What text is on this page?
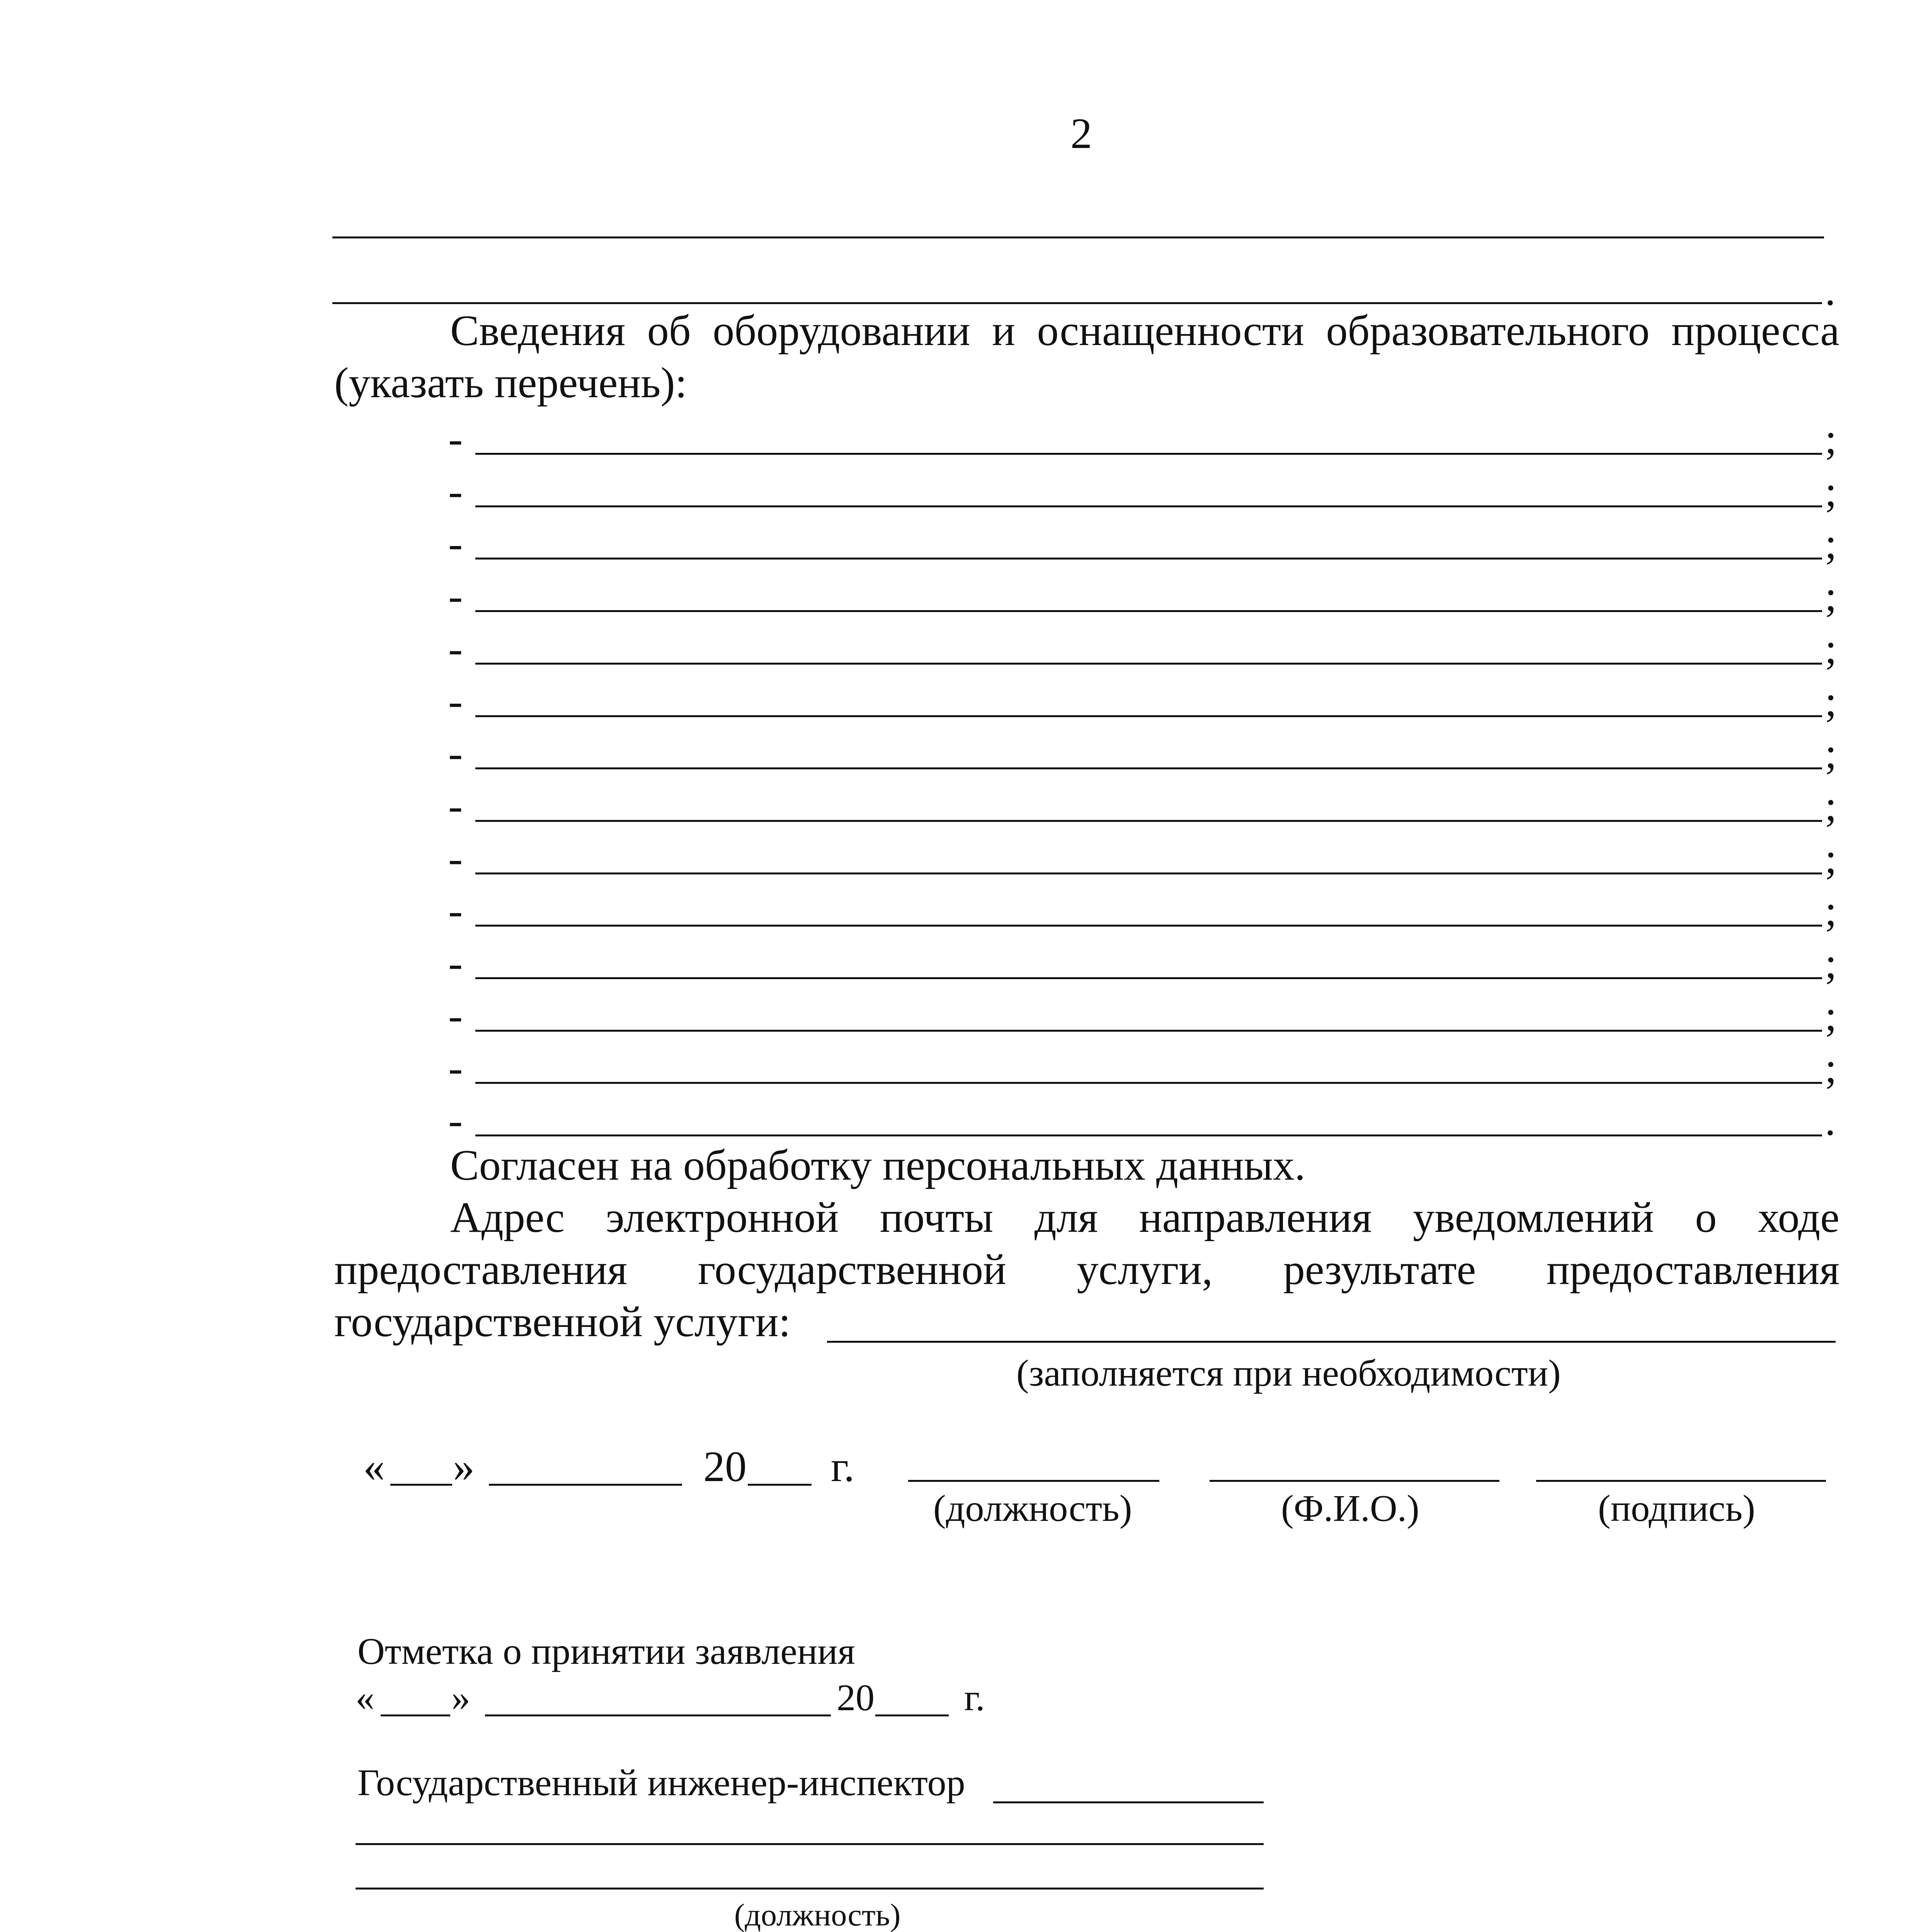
2
.
Сведения об оборудовании и оснащенности образовательного процесса
(указать перечень):
-	;
-	;
-	;
-	;
-	;
-	;
-	;
-	;
-	;
-	;
-	;
-	;
-	;
-	.
Согласен на обработку персональных данных.
Адрес электронной почты для направления уведомлений о ходе
предоставления государственной услуги, результате предоставления
государственной услуги:
(заполняется при необходимости)
« »	20 г.
(должность)	(Ф.И.О.)	(подпись)
Отметка о принятии заявления
« »	20 г.
Государственный инженер-инспектор
(должность)
